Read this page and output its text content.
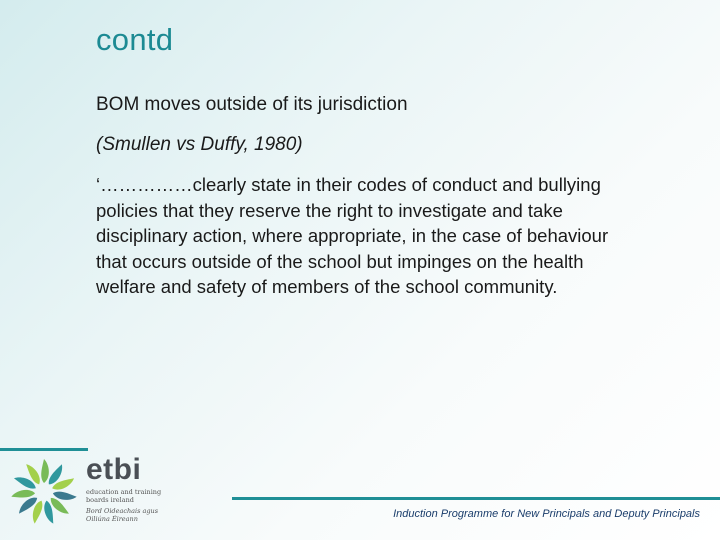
contd

BOM moves outside of its jurisdiction

(Smullen vs Duffy, 1980)

‘……………clearly state in their codes of conduct and bullying policies that they reserve the right to investigate and take disciplinary action, where appropriate, in the case of behaviour that occurs outside of the school but impinges on the health welfare and safety of members of the school community.

etbi
education and training
boards ireland
Bord Oideachais agus
Oiliúna Éireann	Induction Programme for New Principals and Deputy Principals
